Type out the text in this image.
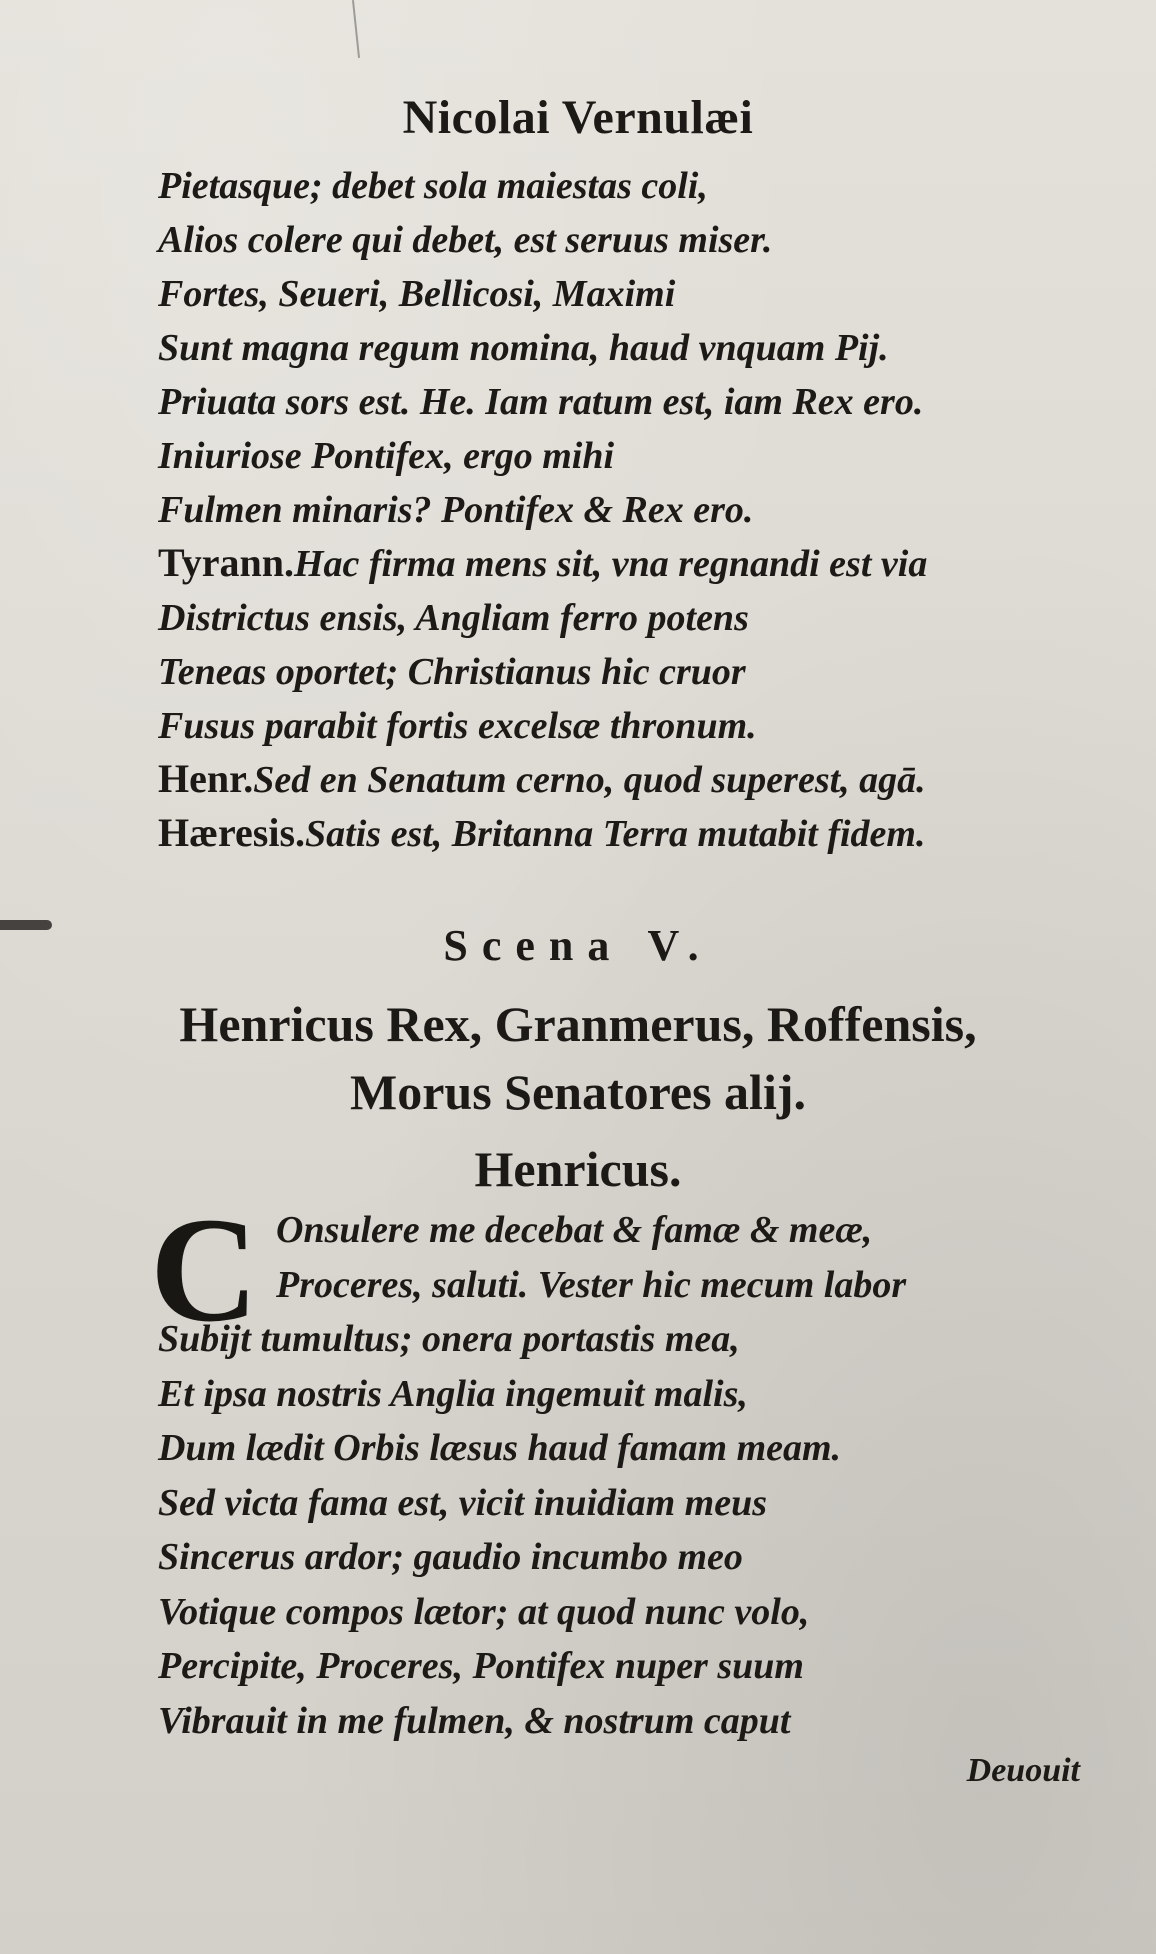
Nicolai Vernulæi
Pietasque; debet sola maiestas coli,
Alios colere qui debet, est seruus miser.
Fortes, Seueri, Bellicosi, Maximi
Sunt magna regum nomina, haud vnquam Pij.
Priuata sors est. He. Iam ratum est, iam Rex ero.
Iniuriose Pontifex, ergo mihi
Fulmen minaris? Pontifex & Rex ero.
Tyrann.Hac firma mens sit, vna regnandi est via
Districtus ensis, Angliam ferro potens
Teneas oportet; Christianus hic cruor
Fusus parabit fortis excelsæ thronum.
Henr.Sed en Senatum cerno, quod superest, agā.
Hæresis.Satis est, Britanna Terra mutabit fidem.
Scena V.
Henricus Rex, Granmerus, Roffensis,
Morus Senatores alij.
Henricus.
C Onsulere me decebat & famæ & meæ,
Proceres, saluti. Vester hic mecum labor
Subijt tumultus; onera portastis mea,
Et ipsa nostris Anglia ingemuit malis,
Dum lædit Orbis læsus haud famam meam.
Sed victa fama est, vicit inuidiam meus
Sincerus ardor; gaudio incumbo meo
Votique compos lætor; at quod nunc volo,
Percipite, Proceres, Pontifex nuper suum
Vibrauit in me fulmen, & nostrum caput
Deuouit
